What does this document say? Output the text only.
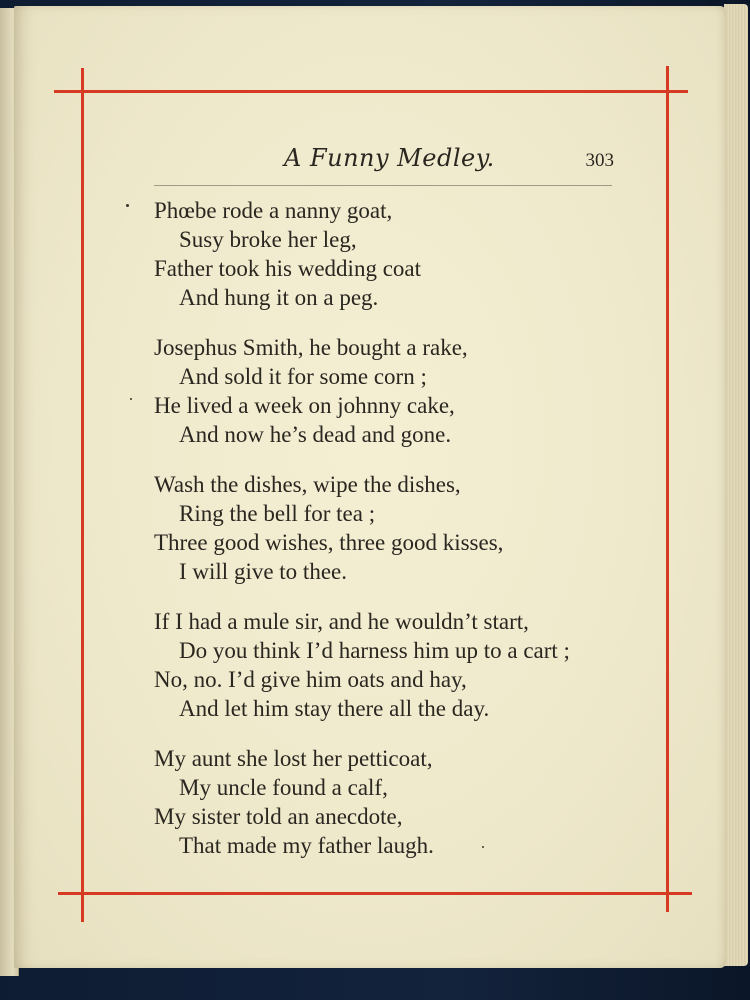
A Funny Medley.	303
Phœbe rode a nanny goat,
Susy broke her leg,
Father took his wedding coat
And hung it on a peg.
Josephus Smith, he bought a rake,
And sold it for some corn ;
He lived a week on johnny cake,
And now he’s dead and gone.
Wash the dishes, wipe the dishes,
Ring the bell for tea ;
Three good wishes, three good kisses,
I will give to thee.
If I had a mule sir, and he wouldn’t start,
Do you think I’d harness him up to a cart ;
No, no. I’d give him oats and hay,
And let him stay there all the day.
My aunt she lost her petticoat,
My uncle found a calf,
My sister told an anecdote,
That made my father laugh.
